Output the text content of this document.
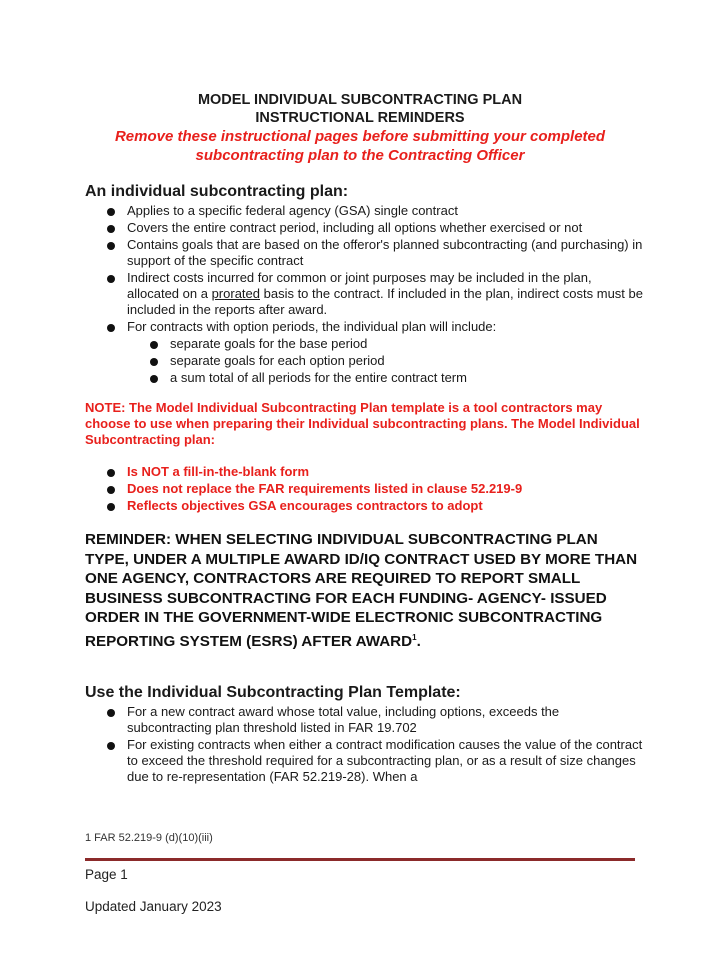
MODEL INDIVIDUAL SUBCONTRACTING PLAN
INSTRUCTIONAL REMINDERS
Remove these instructional pages before submitting your completed
subcontracting plan to the Contracting Officer
An individual subcontracting plan:
Applies to a specific federal agency (GSA) single contract
Covers the entire contract period, including all options whether exercised or not
Contains goals that are based on the offeror's planned subcontracting (and purchasing) in support of the specific contract
Indirect costs incurred for common or joint purposes may be included in the plan, allocated on a prorated basis to the contract. If included in the plan, indirect costs must be included in the reports after award.
For contracts with option periods, the individual plan will include:
separate goals for the base period
separate goals for each option period
a sum total of all periods for the entire contract term
NOTE: The Model Individual Subcontracting Plan template is a tool contractors may choose to use when preparing their Individual subcontracting plans. The Model Individual Subcontracting plan:
Is NOT a fill-in-the-blank form
Does not replace the FAR requirements listed in clause 52.219-9
Reflects objectives GSA encourages contractors to adopt
REMINDER: WHEN SELECTING INDIVIDUAL SUBCONTRACTING PLAN TYPE, UNDER A MULTIPLE AWARD ID/IQ CONTRACT USED BY MORE THAN ONE AGENCY, CONTRACTORS ARE REQUIRED TO REPORT SMALL BUSINESS SUBCONTRACTING FOR EACH FUNDING- AGENCY- ISSUED ORDER IN THE GOVERNMENT-WIDE ELECTRONIC SUBCONTRACTING REPORTING SYSTEM (ESRS) AFTER AWARD$^1$.
Use the Individual Subcontracting Plan Template:
For a new contract award whose total value, including options, exceeds the subcontracting plan threshold listed in FAR 19.702
For existing contracts when either a contract modification causes the value of the contract to exceed the threshold required for a subcontracting plan, or as a result of size changes due to re-representation (FAR 52.219-28). When a
1 FAR 52.219-9 (d)(10)(iii)
Page 1
Updated January 2023
